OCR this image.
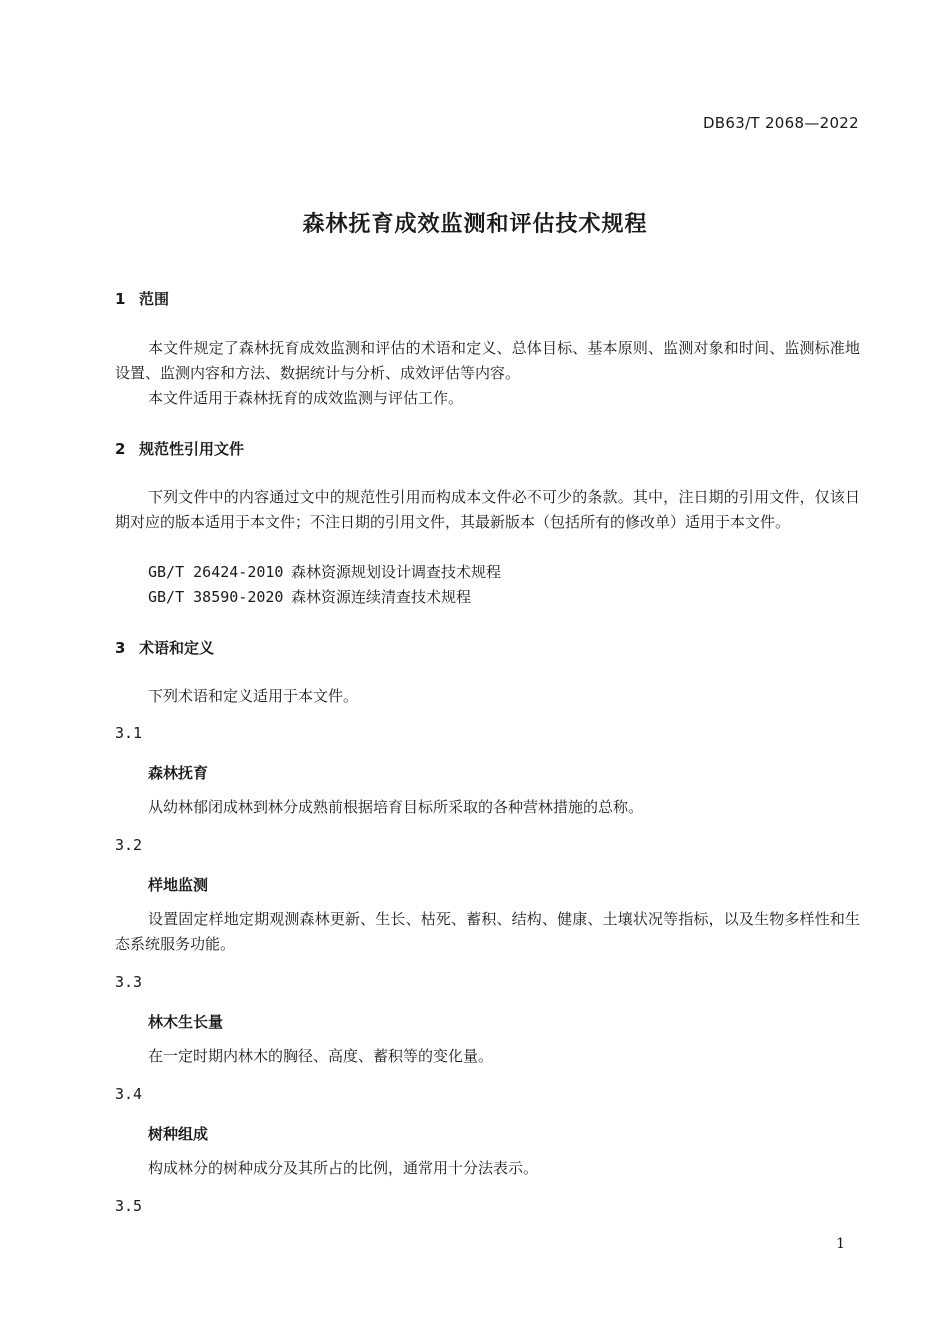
DB63/T 2068—2022
森林抚育成效监测和评估技术规程
1 范围
本文件规定了森林抚育成效监测和评估的术语和定义、总体目标、基本原则、监测对象和时间、监测标准地设置、监测内容和方法、数据统计与分析、成效评估等内容。
本文件适用于森林抚育的成效监测与评估工作。
2 规范性引用文件
下列文件中的内容通过文中的规范性引用而构成本文件必不可少的条款。其中，注日期的引用文件，仅该日期对应的版本适用于本文件；不注日期的引用文件，其最新版本（包括所有的修改单）适用于本文件。
GB/T 26424-2010 森林资源规划设计调查技术规程
GB/T 38590-2020 森林资源连续清查技术规程
3 术语和定义
下列术语和定义适用于本文件。
3.1
森林抚育
从幼林郁闭成林到林分成熟前根据培育目标所采取的各种营林措施的总称。
3.2
样地监测
设置固定样地定期观测森林更新、生长、枯死、蓄积、结构、健康、土壤状况等指标，以及生物多样性和生态系统服务功能。
3.3
林木生长量
在一定时期内林木的胸径、高度、蓄积等的变化量。
3.4
树种组成
构成林分的树种成分及其所占的比例，通常用十分法表示。
3.5
1
